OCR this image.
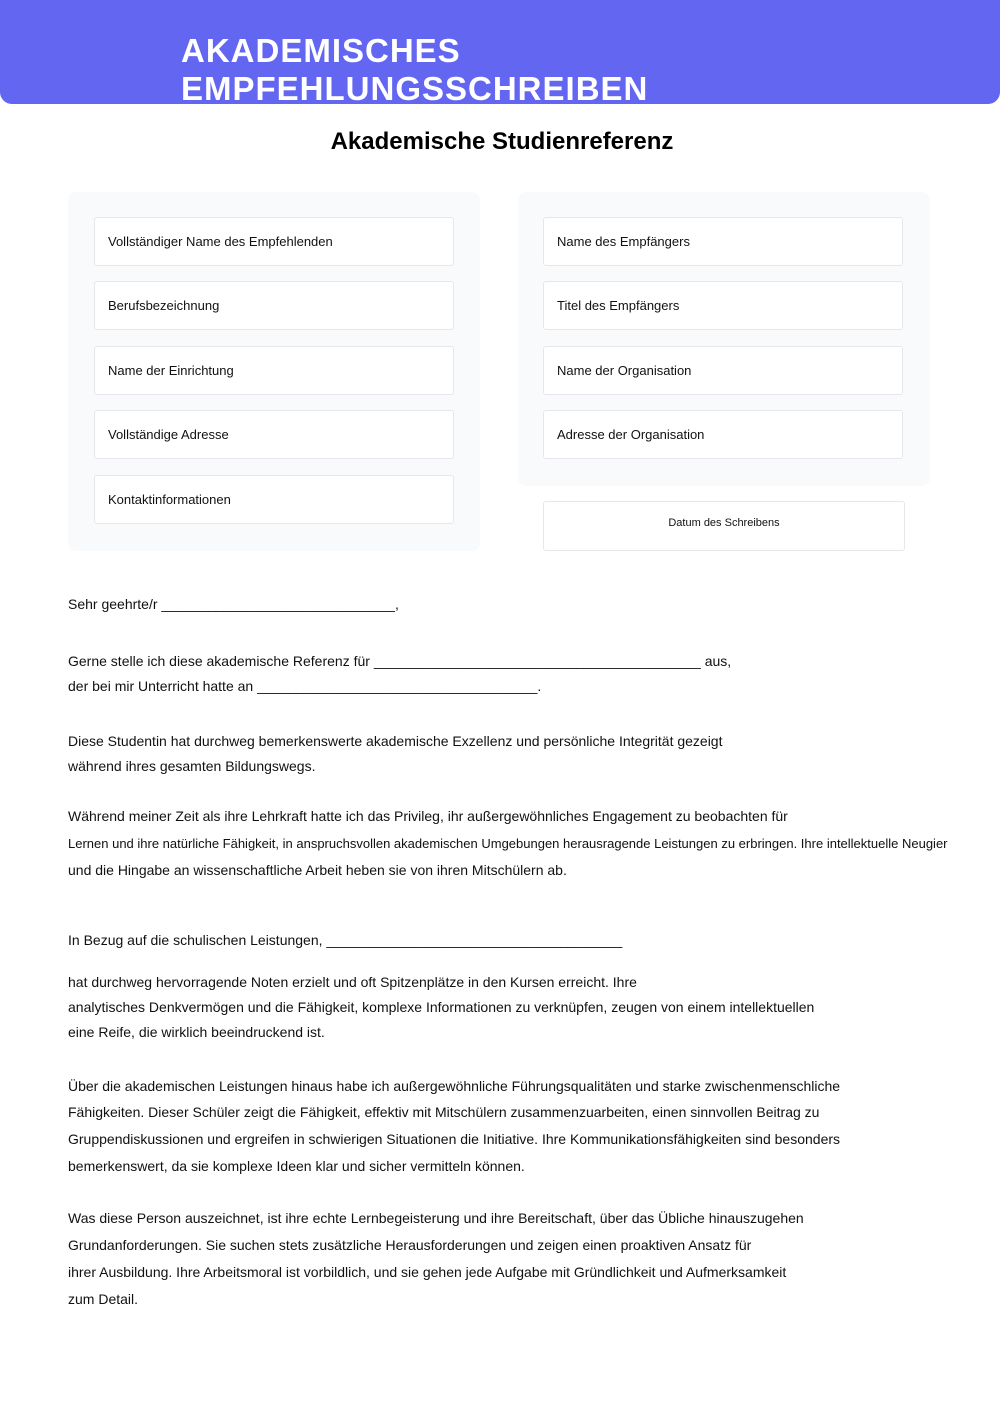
AKADEMISCHES
EMPFEHLUNGSSCHREIBEN
Akademische Studienreferenz
Vollständiger Name des Empfehlenden
Berufsbezeichnung
Name der Einrichtung
Vollständige Adresse
Kontaktinformationen
Name des Empfängers
Titel des Empfängers
Name der Organisation
Adresse der Organisation
Datum des Schreibens

Sehr geehrte/r ______________________________,

Gerne stelle ich diese akademische Referenz für __________________________________________ aus,

der bei mir Unterricht hatte an ____________________________________.

Diese Studentin hat durchweg bemerkenswerte akademische Exzellenz und persönliche Integrität gezeigt

während ihres gesamten Bildungswegs.

Während meiner Zeit als ihre Lehrkraft hatte ich das Privileg, ihr außergewöhnliches Engagement zu beobachten für

Lernen und ihre natürliche Fähigkeit, in anspruchsvollen akademischen Umgebungen herausragende Leistungen zu erbringen. Ihre intellektuelle Neugier

und die Hingabe an wissenschaftliche Arbeit heben sie von ihren Mitschülern ab.

In Bezug auf die schulischen Leistungen, ______________________________________

hat durchweg hervorragende Noten erzielt und oft Spitzenplätze in den Kursen erreicht. Ihre

analytisches Denkvermögen und die Fähigkeit, komplexe Informationen zu verknüpfen, zeugen von einem intellektuellen

eine Reife, die wirklich beeindruckend ist.

Über die akademischen Leistungen hinaus habe ich außergewöhnliche Führungsqualitäten und starke zwischenmenschliche

Fähigkeiten. Dieser Schüler zeigt die Fähigkeit, effektiv mit Mitschülern zusammenzuarbeiten, einen sinnvollen Beitrag zu

Gruppendiskussionen und ergreifen in schwierigen Situationen die Initiative. Ihre Kommunikationsfähigkeiten sind besonders

bemerkenswert, da sie komplexe Ideen klar und sicher vermitteln können.

Was diese Person auszeichnet, ist ihre echte Lernbegeisterung und ihre Bereitschaft, über das Übliche hinauszugehen

Grundanforderungen. Sie suchen stets zusätzliche Herausforderungen und zeigen einen proaktiven Ansatz für

ihrer Ausbildung. Ihre Arbeitsmoral ist vorbildlich, und sie gehen jede Aufgabe mit Gründlichkeit und Aufmerksamkeit

zum Detail.
